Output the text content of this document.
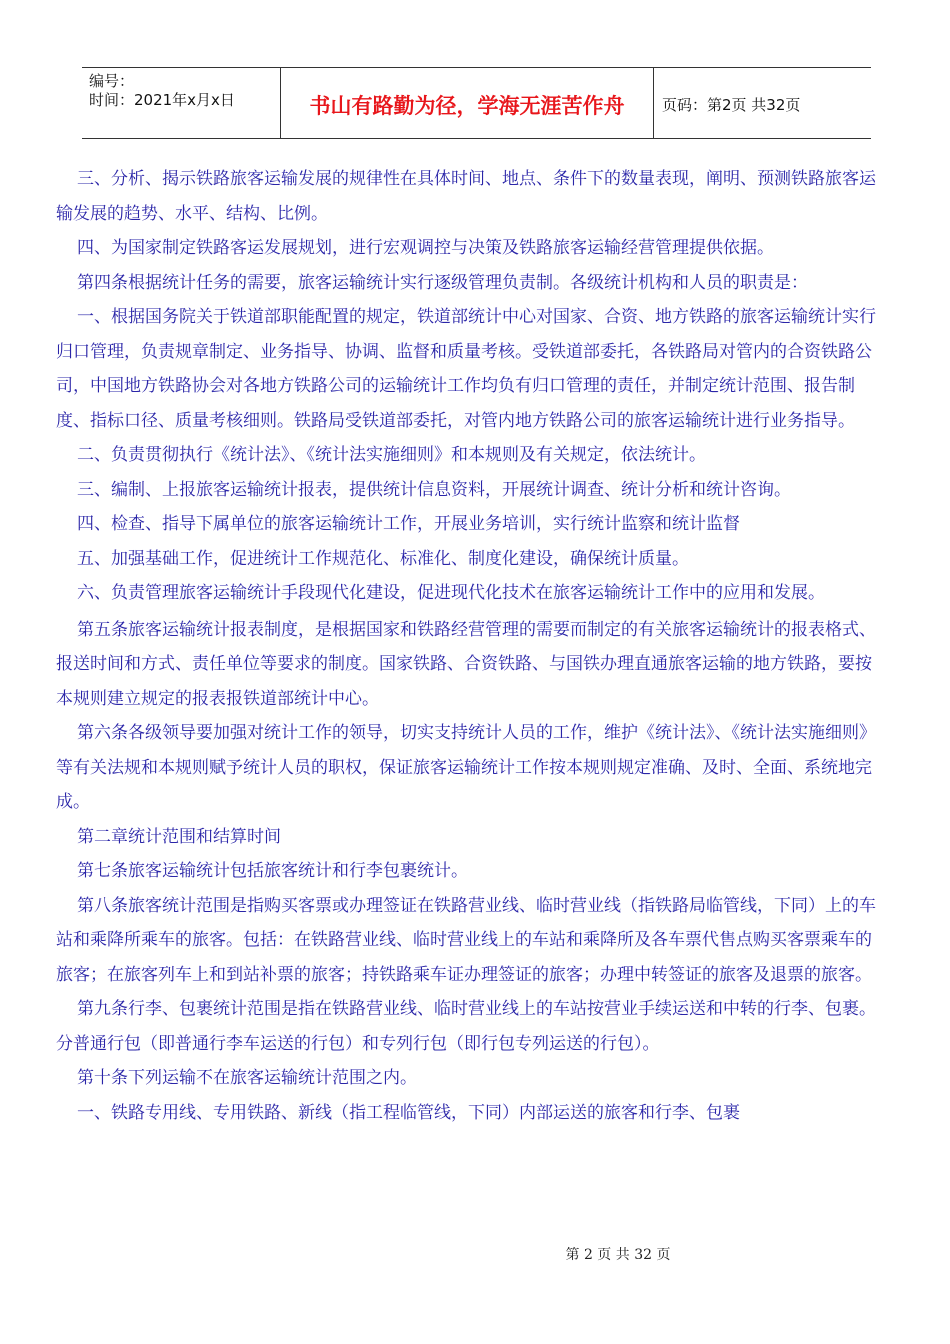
编号：
时间：2021年x月x日	书山有路勤为径，学海无涯苦作舟	页码：第2页 共32页

三、分析、揭示铁路旅客运输发展的规律性在具体时间、地点、条件下的数量表现，阐明、预测铁路旅客运输发展的趋势、水平、结构、比例。

四、为国家制定铁路客运发展规划，进行宏观调控与决策及铁路旅客运输经营管理提供依据。

第四条根据统计任务的需要，旅客运输统计实行逐级管理负责制。各级统计机构和人员的职责是：

一、根据国务院关于铁道部职能配置的规定，铁道部统计中心对国家、合资、地方铁路的旅客运输统计实行归口管理，负责规章制定、业务指导、协调、监督和质量考核。受铁道部委托，各铁路局对管内的合资铁路公司，中国地方铁路协会对各地方铁路公司的运输统计工作均负有归口管理的责任，并制定统计范围、报告制度、指标口径、质量考核细则。铁路局受铁道部委托，对管内地方铁路公司的旅客运输统计进行业务指导。

二、负责贯彻执行《统计法》、《统计法实施细则》和本规则及有关规定，依法统计。

三、编制、上报旅客运输统计报表，提供统计信息资料，开展统计调查、统计分析和统计咨询。

四、检查、指导下属单位的旅客运输统计工作，开展业务培训，实行统计监察和统计监督

五、加强基础工作，促进统计工作规范化、标准化、制度化建设，确保统计质量。

六、负责管理旅客运输统计手段现代化建设，促进现代化技术在旅客运输统计工作中的应用和发展。

第五条旅客运输统计报表制度，是根据国家和铁路经营管理的需要而制定的有关旅客运输统计的报表格式、报送时间和方式、责任单位等要求的制度。国家铁路、合资铁路、与国铁办理直通旅客运输的地方铁路，要按本规则建立规定的报表报铁道部统计中心。

第六条各级领导要加强对统计工作的领导，切实支持统计人员的工作，维护《统计法》、《统计法实施细则》等有关法规和本规则赋予统计人员的职权，保证旅客运输统计工作按本规则规定准确、及时、全面、系统地完成。

第二章统计范围和结算时间

第七条旅客运输统计包括旅客统计和行李包裹统计。

第八条旅客统计范围是指购买客票或办理签证在铁路营业线、临时营业线（指铁路局临管线，下同）上的车站和乘降所乘车的旅客。包括：在铁路营业线、临时营业线上的车站和乘降所及各车票代售点购买客票乘车的旅客；在旅客列车上和到站补票的旅客；持铁路乘车证办理签证的旅客；办理中转签证的旅客及退票的旅客。

第九条行李、包裹统计范围是指在铁路营业线、临时营业线上的车站按营业手续运送和中转的行李、包裹。分普通行包（即普通行李车运送的行包）和专列行包（即行包专列运送的行包）。

第十条下列运输不在旅客运输统计范围之内。

一、铁路专用线、专用铁路、新线（指工程临管线，下同）内部运送的旅客和行李、包裹

第 2 页 共 32 页
